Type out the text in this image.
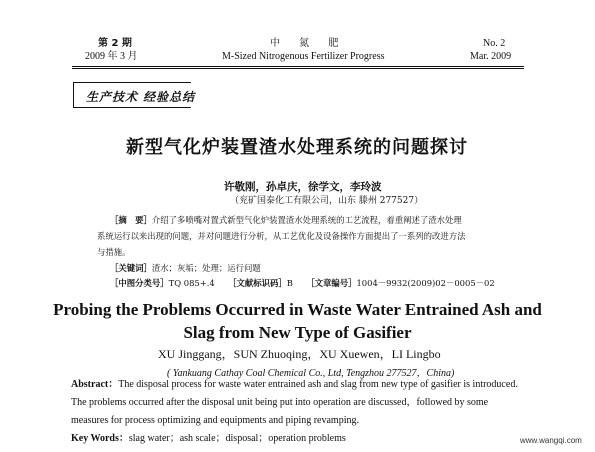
第 2 期
2009 年 3 月
中 氮 肥
M-Sized Nitrogenous Fertilizer Progress
No. 2
Mar. 2009
生产技术 经验总结
新型气化炉装置渣水处理系统的问题探讨
许敬刚，孙卓庆，徐学文，李玲波
（兖矿国泰化工有限公司，山东 滕州 277527）
［摘　要］介绍了多喷嘴对置式新型气化炉装置渣水处理系统的工艺流程，着重阐述了渣水处理
系统运行以来出现的问题，并对问题进行分析，从工艺优化及设备操作方面提出了一系列的改进方法
与措施。
［关键词］渣水；灰垢；处理；运行问题
［中图分类号］TQ 085+.4 ［文献标识码］B ［文章编号］1004－9932(2009)02－0005－02
Probing the Problems Occurred in Waste Water Entrained Ash and
Slag from New Type of Gasifier
XU Jinggang，SUN Zhuoqing，XU Xuewen，LI Lingbo
( Yankuang Cathay Coal Chemical Co., Ltd, Tengzhou 277527，China)
Abstract：The disposal process for waste water entrained ash and slag from new type of gasifier is introduced.
The problems occurred after the disposal unit being put into operation are discussed，followed by some
measures for process optimizing and equipments and piping revamping.
Key Words：slag water；ash scale；disposal；operation problems	www.wangqi.com
